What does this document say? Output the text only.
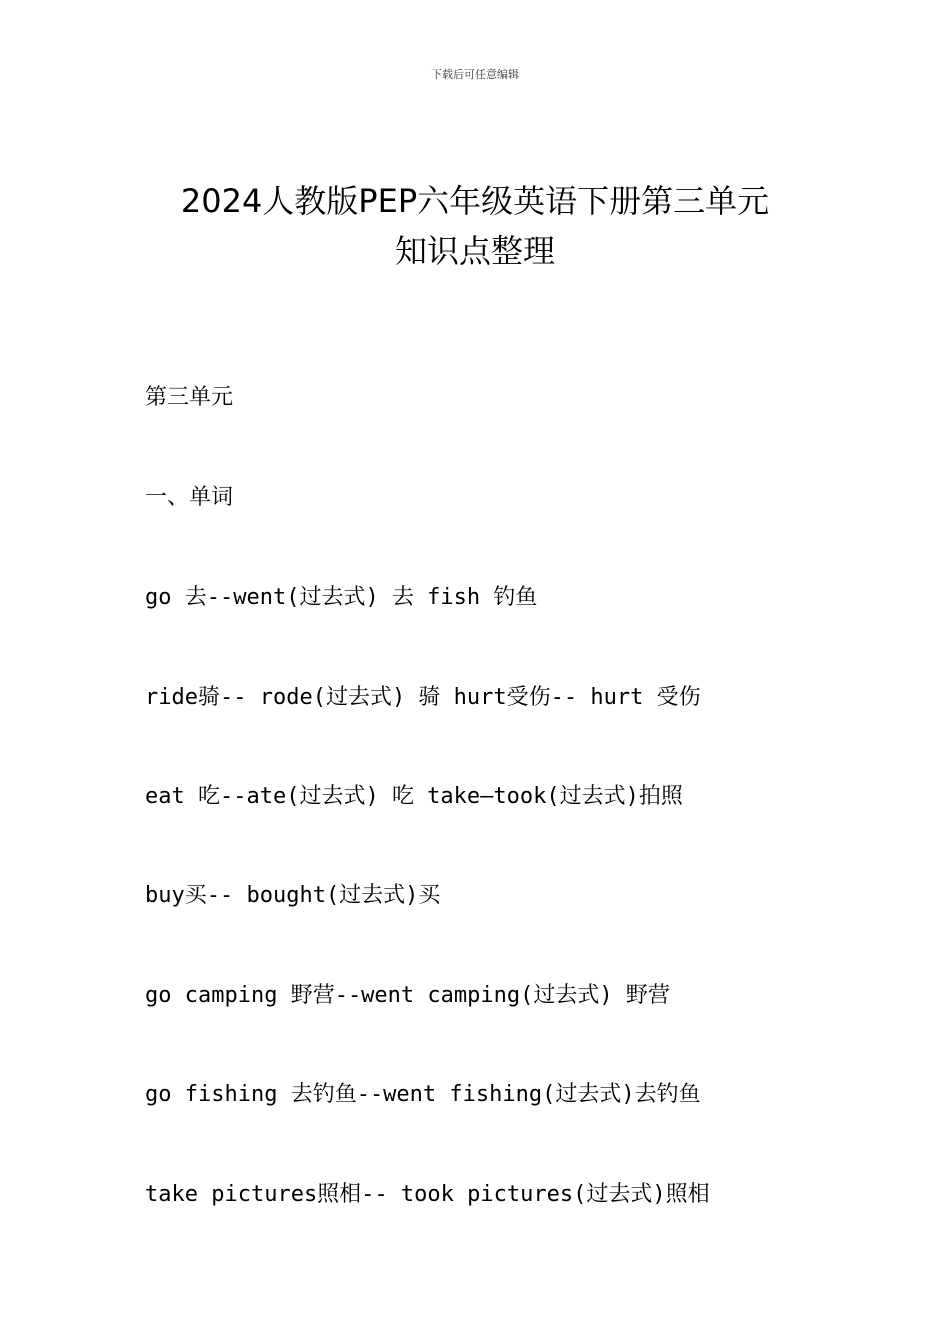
下载后可任意编辑
2024人教版PEP六年级英语下册第三单元
知识点整理
第三单元
一、单词
go 去--went(过去式) 去 fish 钓鱼
ride骑-- rode(过去式) 骑 hurt受伤-- hurt 受伤
eat 吃--ate(过去式) 吃 take—took(过去式)拍照
buy买-- bought(过去式)买
go camping 野营--went camping(过去式) 野营
go fishing 去钓鱼--went fishing(过去式)去钓鱼
take pictures照相-- took pictures(过去式)照相
